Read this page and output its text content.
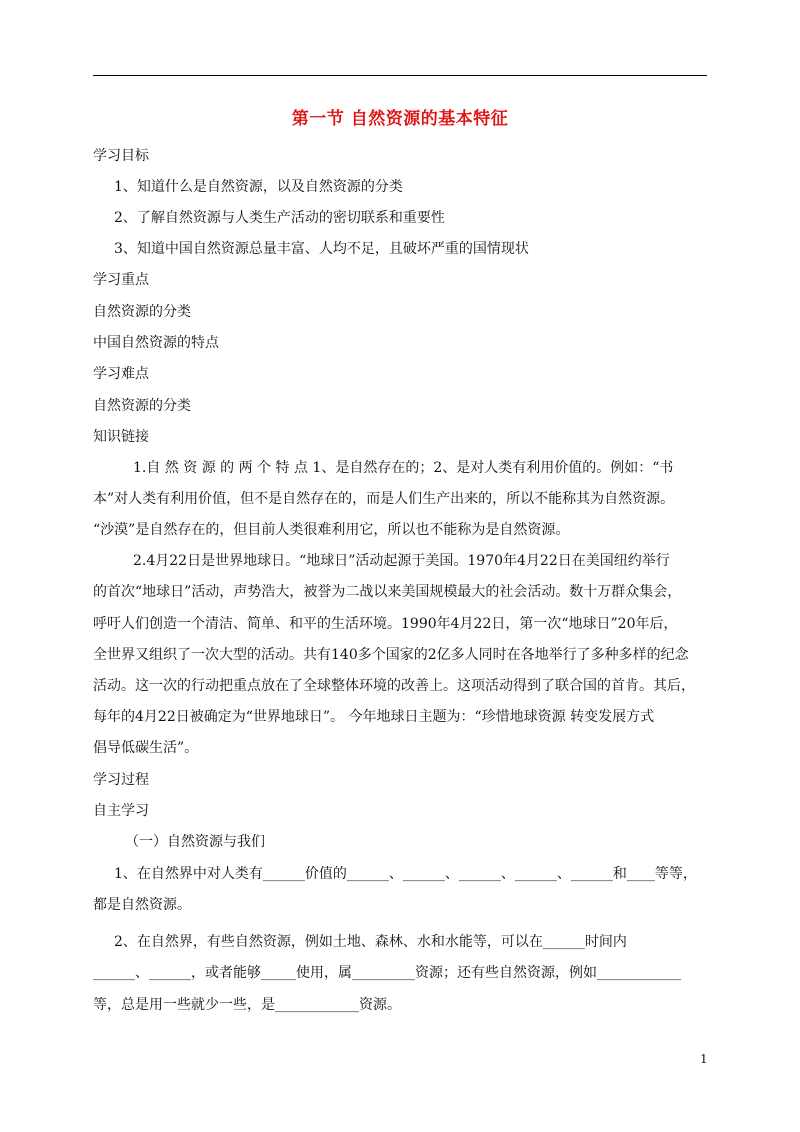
第一节 自然资源的基本特征
学习目标
1、知道什么是自然资源，以及自然资源的分类
2、了解自然资源与人类生产活动的密切联系和重要性
3、知道中国自然资源总量丰富、人均不足，且破坏严重的国情现状
学习重点
自然资源的分类
中国自然资源的特点
学习难点
自然资源的分类
知识链接
1.自 然 资 源 的 两 个 特 点 1、是自然存在的；2、是对人类有利用价值的。例如：“书
本”对人类有利用价值，但不是自然存在的，而是人们生产出来的，所以不能称其为自然资源。
“沙漠”是自然存在的，但目前人类很难利用它，所以也不能称为是自然资源。
2.4月22日是世界地球日。“地球日”活动起源于美国。1970年4月22日在美国纽约举行
的首次“地球日”活动，声势浩大，被誉为二战以来美国规模最大的社会活动。数十万群众集会，
呼吁人们创造一个清洁、简单、和平的生活环境。1990年4月22日，第一次“地球日”20年后，
全世界又组织了一次大型的活动。共有140多个国家的2亿多人同时在各地举行了多种多样的纪念
活动。这一次的行动把重点放在了全球整体环境的改善上。这项活动得到了联合国的首肯。其后，
每年的4月22日被确定为“世界地球日”。 今年地球日主题为：“珍惜地球资源 转变发展方式
倡导低碳生活”。
学习过程
自主学习
（一）自然资源与我们
1、在自然界中对人类有______价值的______、______、______、______、______和____等等，
都是自然资源。
2、在自然界，有些自然资源，例如土地、森林、水和水能等，可以在______时间内
______、______，或者能够_____使用，属_________资源；还有些自然资源，例如____________
等，总是用一些就少一些，是____________资源。
1
